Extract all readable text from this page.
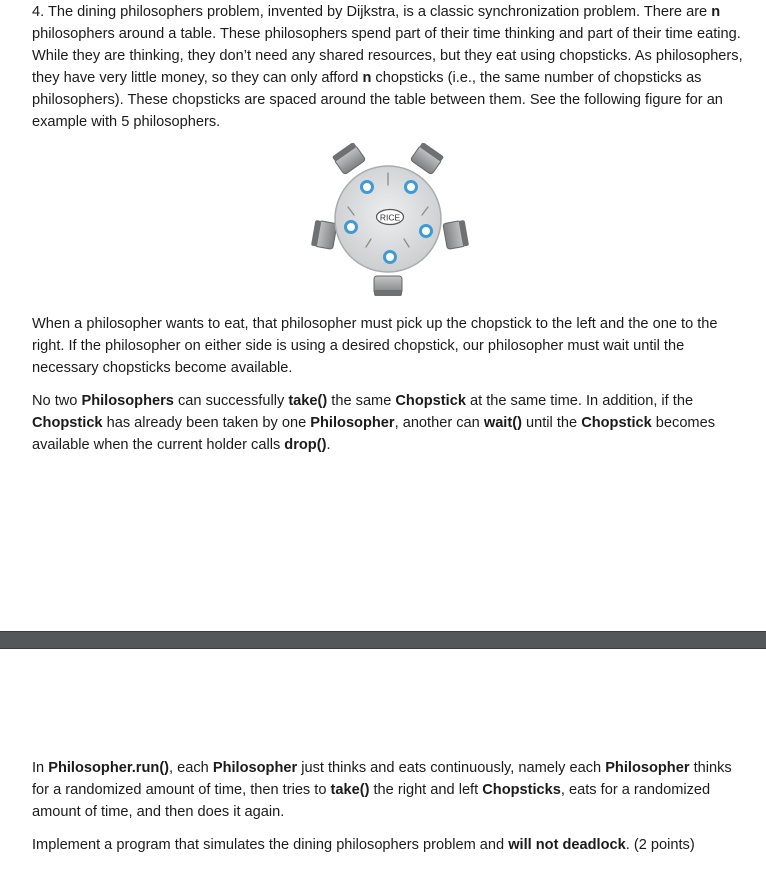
4. The dining philosophers problem, invented by Dijkstra, is a classic synchronization problem. There are n philosophers around a table. These philosophers spend part of their time thinking and part of their time eating. While they are thinking, they don’t need any shared resources, but they eat using chopsticks. As philosophers, they have very little money, so they can only afford n chopsticks (i.e., the same number of chopsticks as philosophers). These chopsticks are spaced around the table between them. See the following figure for an example with 5 philosophers.

RICE

When a philosopher wants to eat, that philosopher must pick up the chopstick to the left and the one to the right. If the philosopher on either side is using a desired chopstick, our philosopher must wait until the necessary chopsticks become available.

No two Philosophers can successfully take() the same Chopstick at the same time. In addition, if the Chopstick has already been taken by one Philosopher, another can wait() until the Chopstick becomes available when the current holder calls drop().

In Philosopher.run(), each Philosopher just thinks and eats continuously, namely each Philosopher thinks for a randomized amount of time, then tries to take() the right and left Chopsticks, eats for a randomized amount of time, and then does it again.

Implement a program that simulates the dining philosophers problem and will not deadlock. (2 points)
